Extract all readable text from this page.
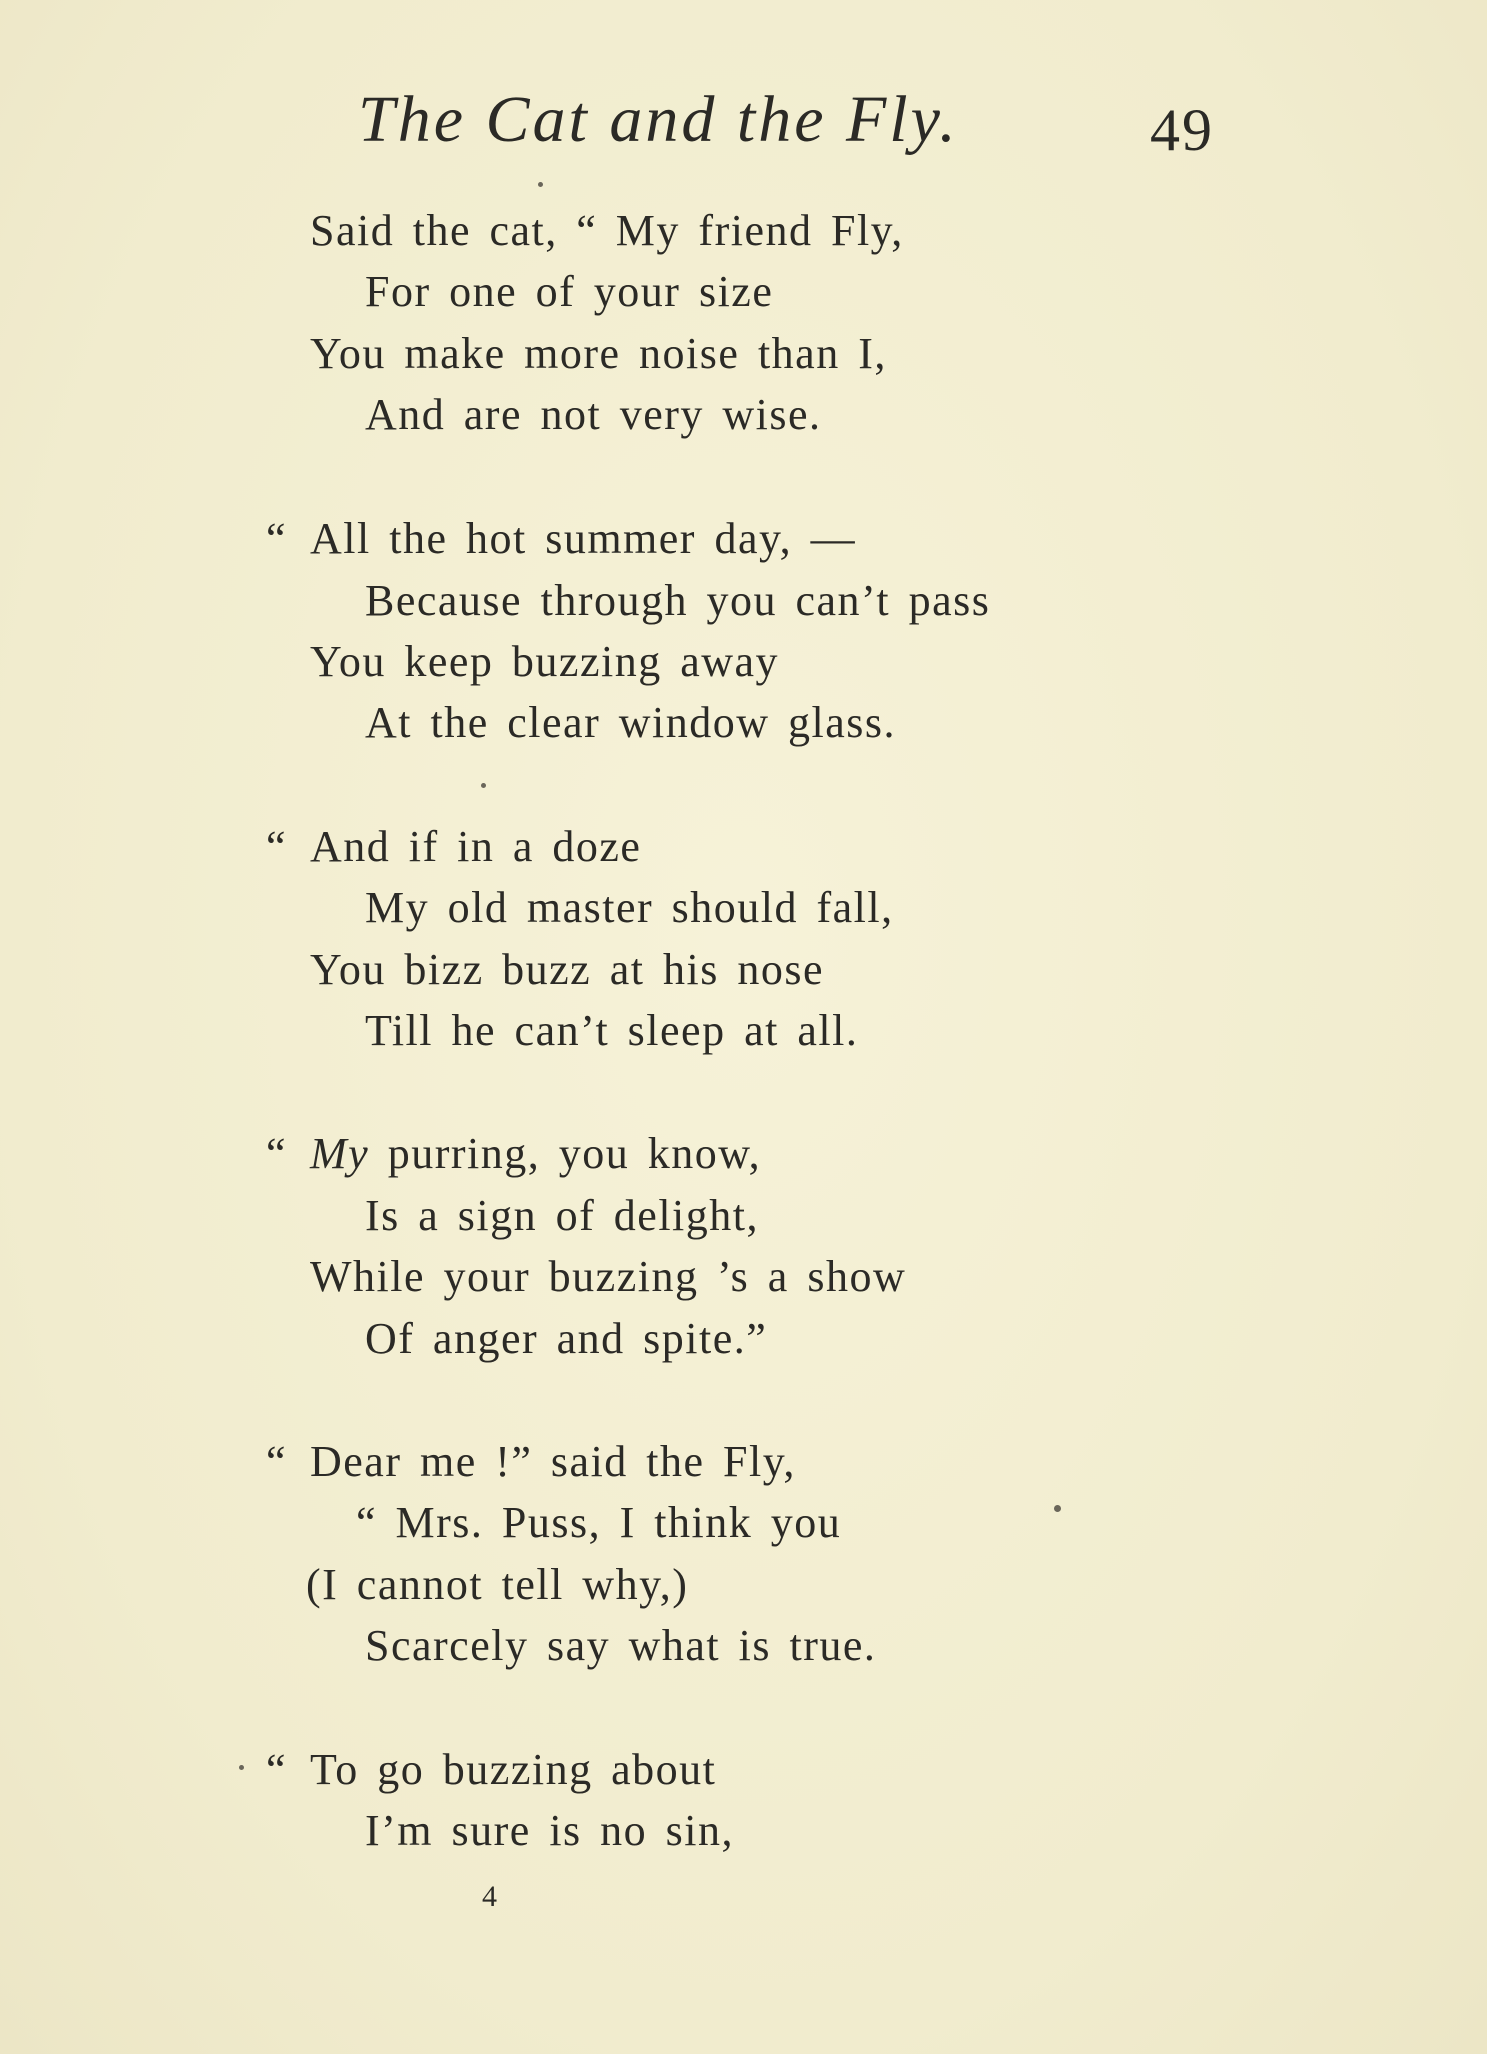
The Cat and the Fly.	49
Said the cat, “ My friend Fly,
For one of your size
You make more noise than I,
And are not very wise.
“ All the hot summer day, —
Because through you can’t pass
You keep buzzing away
At the clear window glass.
“ And if in a doze
My old master should fall,
You bizz buzz at his nose
Till he can’t sleep at all.
“ My purring, you know,
Is a sign of delight,
While your buzzing ’s a show
Of anger and spite.”
“ Dear me !” said the Fly,
“ Mrs. Puss, I think you
(I cannot tell why,)
Scarcely say what is true.
“ To go buzzing about
I’m sure is no sin,
4
